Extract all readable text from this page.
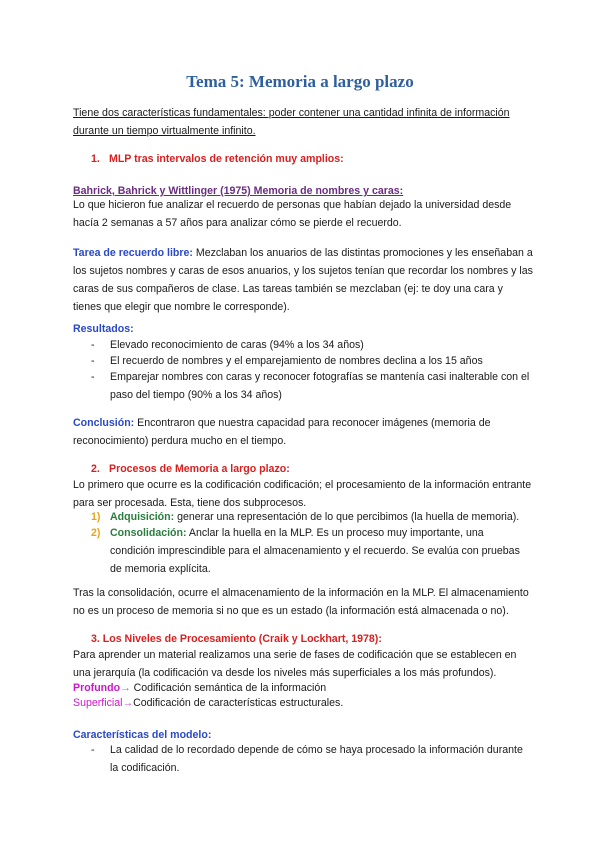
Tema 5: Memoria a largo plazo

Tiene dos características fundamentales: poder contener una cantidad infinita de información durante un tiempo virtualmente infinito.

1. MLP tras intervalos de retención muy amplios:

Bahrick, Bahrick y Wittlinger (1975) Memoria de nombres y caras:

Lo que hicieron fue analizar el recuerdo de personas que habían dejado la universidad desde hacía 2 semanas a 57 años para analizar cómo se pierde el recuerdo.

Tarea de recuerdo libre: Mezclaban los anuarios de las distintas promociones y les enseñaban a los sujetos nombres y caras de esos anuarios, y los sujetos tenían que recordar los nombres y las caras de sus compañeros de clase. Las tareas también se mezclaban (ej: te doy una cara y tienes que elegir que nombre le corresponde).

Resultados:

- Elevado reconocimiento de caras (94% a los 34 años)
- El recuerdo de nombres y el emparejamiento de nombres declina a los 15 años
- Emparejar nombres con caras y reconocer fotografías se mantenía casi inalterable con el paso del tiempo (90% a los 34 años)

Conclusión: Encontraron que nuestra capacidad para reconocer imágenes (memoria de reconocimiento) perdura mucho en el tiempo.

2. Procesos de Memoria a largo plazo:

Lo primero que ocurre es la codificación codificación; el procesamiento de la información entrante para ser procesada. Esta, tiene dos subprocesos.

1) Adquisición: generar una representación de lo que percibimos (la huella de memoria).
2) Consolidación: Anclar la huella en la MLP. Es un proceso muy importante, una condición imprescindible para el almacenamiento y el recuerdo. Se evalúa con pruebas de memoria explícita.

Tras la consolidación, ocurre el almacenamiento de la información en la MLP. El almacenamiento no es un proceso de memoria si no que es un estado (la información está almacenada o no).

3. Los Niveles de Procesamiento (Craik y Lockhart, 1978):

Para aprender un material realizamos una serie de fases de codificación que se establecen en una jerarquía (la codificación va desde los niveles más superficiales a los más profundos).

Profundo→ Codificación semántica de la información

Superficial→Codificación de características estructurales.

Características del modelo:

- La calidad de lo recordado depende de cómo se haya procesado la información durante la codificación.
